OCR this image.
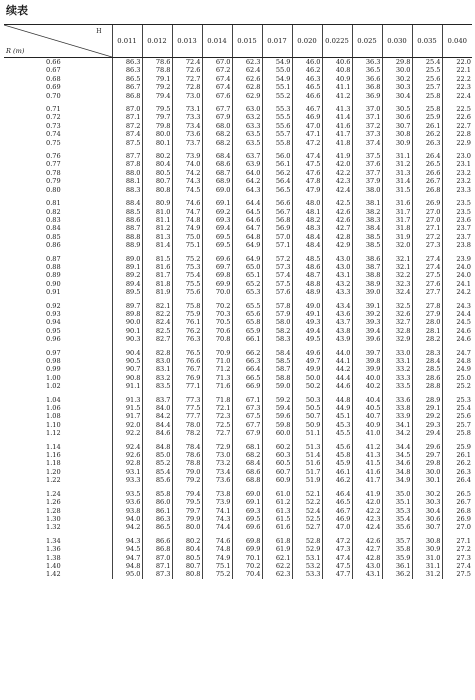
续表
H
R (m)	0.011	0.012	0.013	0.014	0.015	0.017	0.020	0.0225	0.025	0.030	0.035	0.040
0.66	86.3	78.6	72.4	67.0	62.3	54.9	46.0	40.6	36.3	29.8	25.4	22.0
0.67	86.3	78.8	72.6	67.2	62.4	55.0	46.2	40.8	36.5	30.0	25.5	22.1
0.68	86.5	79.1	72.7	67.4	62.6	54.9	46.3	40.9	36.6	30.2	25.6	22.2
0.69	86.7	79.2	72.8	67.4	62.8	55.1	46.5	41.1	36.8	30.3	25.7	22.3
0.70	86.8	79.4	73.0	67.6	62.9	55.2	46.6	41.2	36.9	30.4	25.8	22.4

0.71	87.0	79.5	73.1	67.7	63.0	55.3	46.7	41.3	37.0	30.5	25.8	22.5
0.72	87.1	79.7	73.3	67.9	63.2	55.5	46.9	41.4	37.1	30.6	25.9	22.6
0.73	87.2	79.8	73.4	68.0	63.3	55.6	47.0	41.6	37.2	30.7	26.1	22.7
0.74	87.4	80.0	73.6	68.2	63.5	55.7	47.1	41.7	37.3	30.8	26.2	22.8
0.75	87.5	80.1	73.7	68.2	63.5	55.8	47.2	41.8	37.4	30.9	26.3	22.9

0.76	87.7	80.2	73.9	68.4	63.7	56.0	47.4	41.9	37.5	31.1	26.4	23.0
0.77	87.8	80.4	74.0	68.6	63.9	56.1	47.5	42.0	37.6	31.2	26.5	23.1
0.78	88.0	80.5	74.2	68.7	64.0	56.2	47.6	42.2	37.7	31.3	26.6	23.2
0.79	88.1	80.7	74.3	68.9	64.2	56.4	47.8	42.3	37.9	31.4	26.7	23.2
0.80	88.3	80.8	74.5	69.0	64.3	56.5	47.9	42.4	38.0	31.5	26.8	23.3

0.81	88.4	80.9	74.6	69.1	64.4	56.6	48.0	42.5	38.1	31.6	26.9	23.5
0.82	88.5	81.0	74.7	69.2	64.5	56.7	48.1	42.6	38.2	31.7	27.0	23.5
0.83	88.6	81.1	74.8	69.3	64.6	56.8	48.2	42.6	38.3	31.7	27.0	23.6
0.84	88.7	81.2	74.9	69.4	64.7	56.9	48.3	42.7	38.4	31.8	27.1	23.7
0.85	88.8	81.3	75.0	69.5	64.8	57.0	48.4	42.8	38.5	31.9	27.2	23.7
0.86	88.9	81.4	75.1	69.5	64.9	57.1	48.4	42.9	38.5	32.0	27.3	23.8

0.87	89.0	81.5	75.2	69.6	64.9	57.2	48.5	43.0	38.6	32.1	27.4	23.9
0.88	89.1	81.6	75.3	69.7	65.0	57.3	48.6	43.0	38.7	32.1	27.4	24.0
0.89	89.2	81.7	75.4	69.8	65.1	57.4	48.7	43.1	38.8	32.2	27.5	24.0
0.90	89.4	81.8	75.5	69.9	65.2	57.5	48.8	43.2	38.9	32.3	27.6	24.1
0.91	89.5	81.9	75.6	70.0	65.3	57.6	48.9	43.3	39.0	32.4	27.7	24.2

0.92	89.7	82.1	75.8	70.2	65.5	57.8	49.0	43.4	39.1	32.5	27.8	24.3
0.93	89.8	82.2	75.9	70.3	65.6	57.9	49.1	43.6	39.2	32.6	27.9	24.4
0.94	90.0	82.4	76.1	70.5	65.8	58.0	49.3	43.7	39.3	32.7	28.0	24.5
0.95	90.1	82.5	76.2	70.6	65.9	58.2	49.4	43.8	39.4	32.8	28.1	24.6
0.96	90.3	82.7	76.3	70.8	66.1	58.3	49.5	43.9	39.6	32.9	28.2	24.6

0.97	90.4	82.8	76.5	70.9	66.2	58.4	49.6	44.0	39.7	33.0	28.3	24.7
0.98	90.5	83.0	76.6	71.0	66.3	58.5	49.7	44.1	39.8	33.1	28.4	24.8
0.99	90.7	83.1	76.7	71.2	66.4	58.7	49.9	44.2	39.9	33.2	28.5	24.9
1.00	90.8	83.2	76.9	71.3	66.5	58.8	50.0	44.4	40.0	33.3	28.6	25.0
1.02	91.1	83.5	77.1	71.6	66.9	59.0	50.2	44.6	40.2	33.5	28.8	25.2

1.04	91.3	83.7	77.3	71.8	67.1	59.2	50.3	44.8	40.4	33.6	28.9	25.3
1.06	91.5	84.0	77.5	72.1	67.3	59.4	50.5	44.9	40.5	33.8	29.1	25.4
1.08	91.7	84.2	77.7	72.3	67.5	59.6	50.7	45.1	40.7	33.9	29.2	25.6
1.10	92.0	84.4	78.0	72.5	67.7	59.8	50.9	45.3	40.9	34.1	29.3	25.7
1.12	92.2	84.6	78.2	72.7	67.9	60.0	51.1	45.5	41.0	34.2	29.4	25.8

1.14	92.4	84.8	78.4	72.9	68.1	60.2	51.3	45.6	41.2	34.4	29.6	25.9
1.16	92.6	85.0	78.6	73.0	68.2	60.3	51.4	45.8	41.3	34.5	29.7	26.1
1.18	92.8	85.2	78.8	73.2	68.4	60.5	51.6	45.9	41.5	34.6	29.8	26.2
1.20	93.1	85.4	79.0	73.4	68.6	60.7	51.7	46.1	41.6	34.8	30.0	26.3
1.22	93.3	85.6	79.2	73.6	68.8	60.9	51.9	46.2	41.7	34.9	30.1	26.4

1.24	93.5	85.8	79.4	73.8	69.0	61.0	52.1	46.4	41.9	35.0	30.2	26.5
1.26	93.6	86.0	79.5	73.9	69.1	61.2	52.2	46.5	42.0	35.1	30.3	26.7
1.28	93.8	86.1	79.7	74.1	69.3	61.3	52.4	46.7	42.2	35.3	30.4	26.8
1.30	94.0	86.3	79.9	74.3	69.5	61.5	52.5	46.9	42.3	35.4	30.6	26.9
1.32	94.2	86.5	80.0	74.4	69.6	61.6	52.7	47.0	42.4	35.6	30.7	27.0

1.34	94.3	86.6	80.2	74.6	69.8	61.8	52.8	47.2	42.6	35.7	30.8	27.1
1.36	94.5	86.8	80.4	74.8	69.9	61.9	52.9	47.3	42.7	35.8	30.9	27.2
1.38	94.7	87.0	80.5	74.9	70.1	62.1	53.1	47.4	42.8	35.9	31.0	27.3
1.40	94.8	87.1	80.7	75.1	70.2	62.2	53.2	47.5	43.0	36.1	31.1	27.4
1.42	95.0	87.3	80.8	75.2	70.4	62.3	53.3	47.7	43.1	36.2	31.2	27.5
